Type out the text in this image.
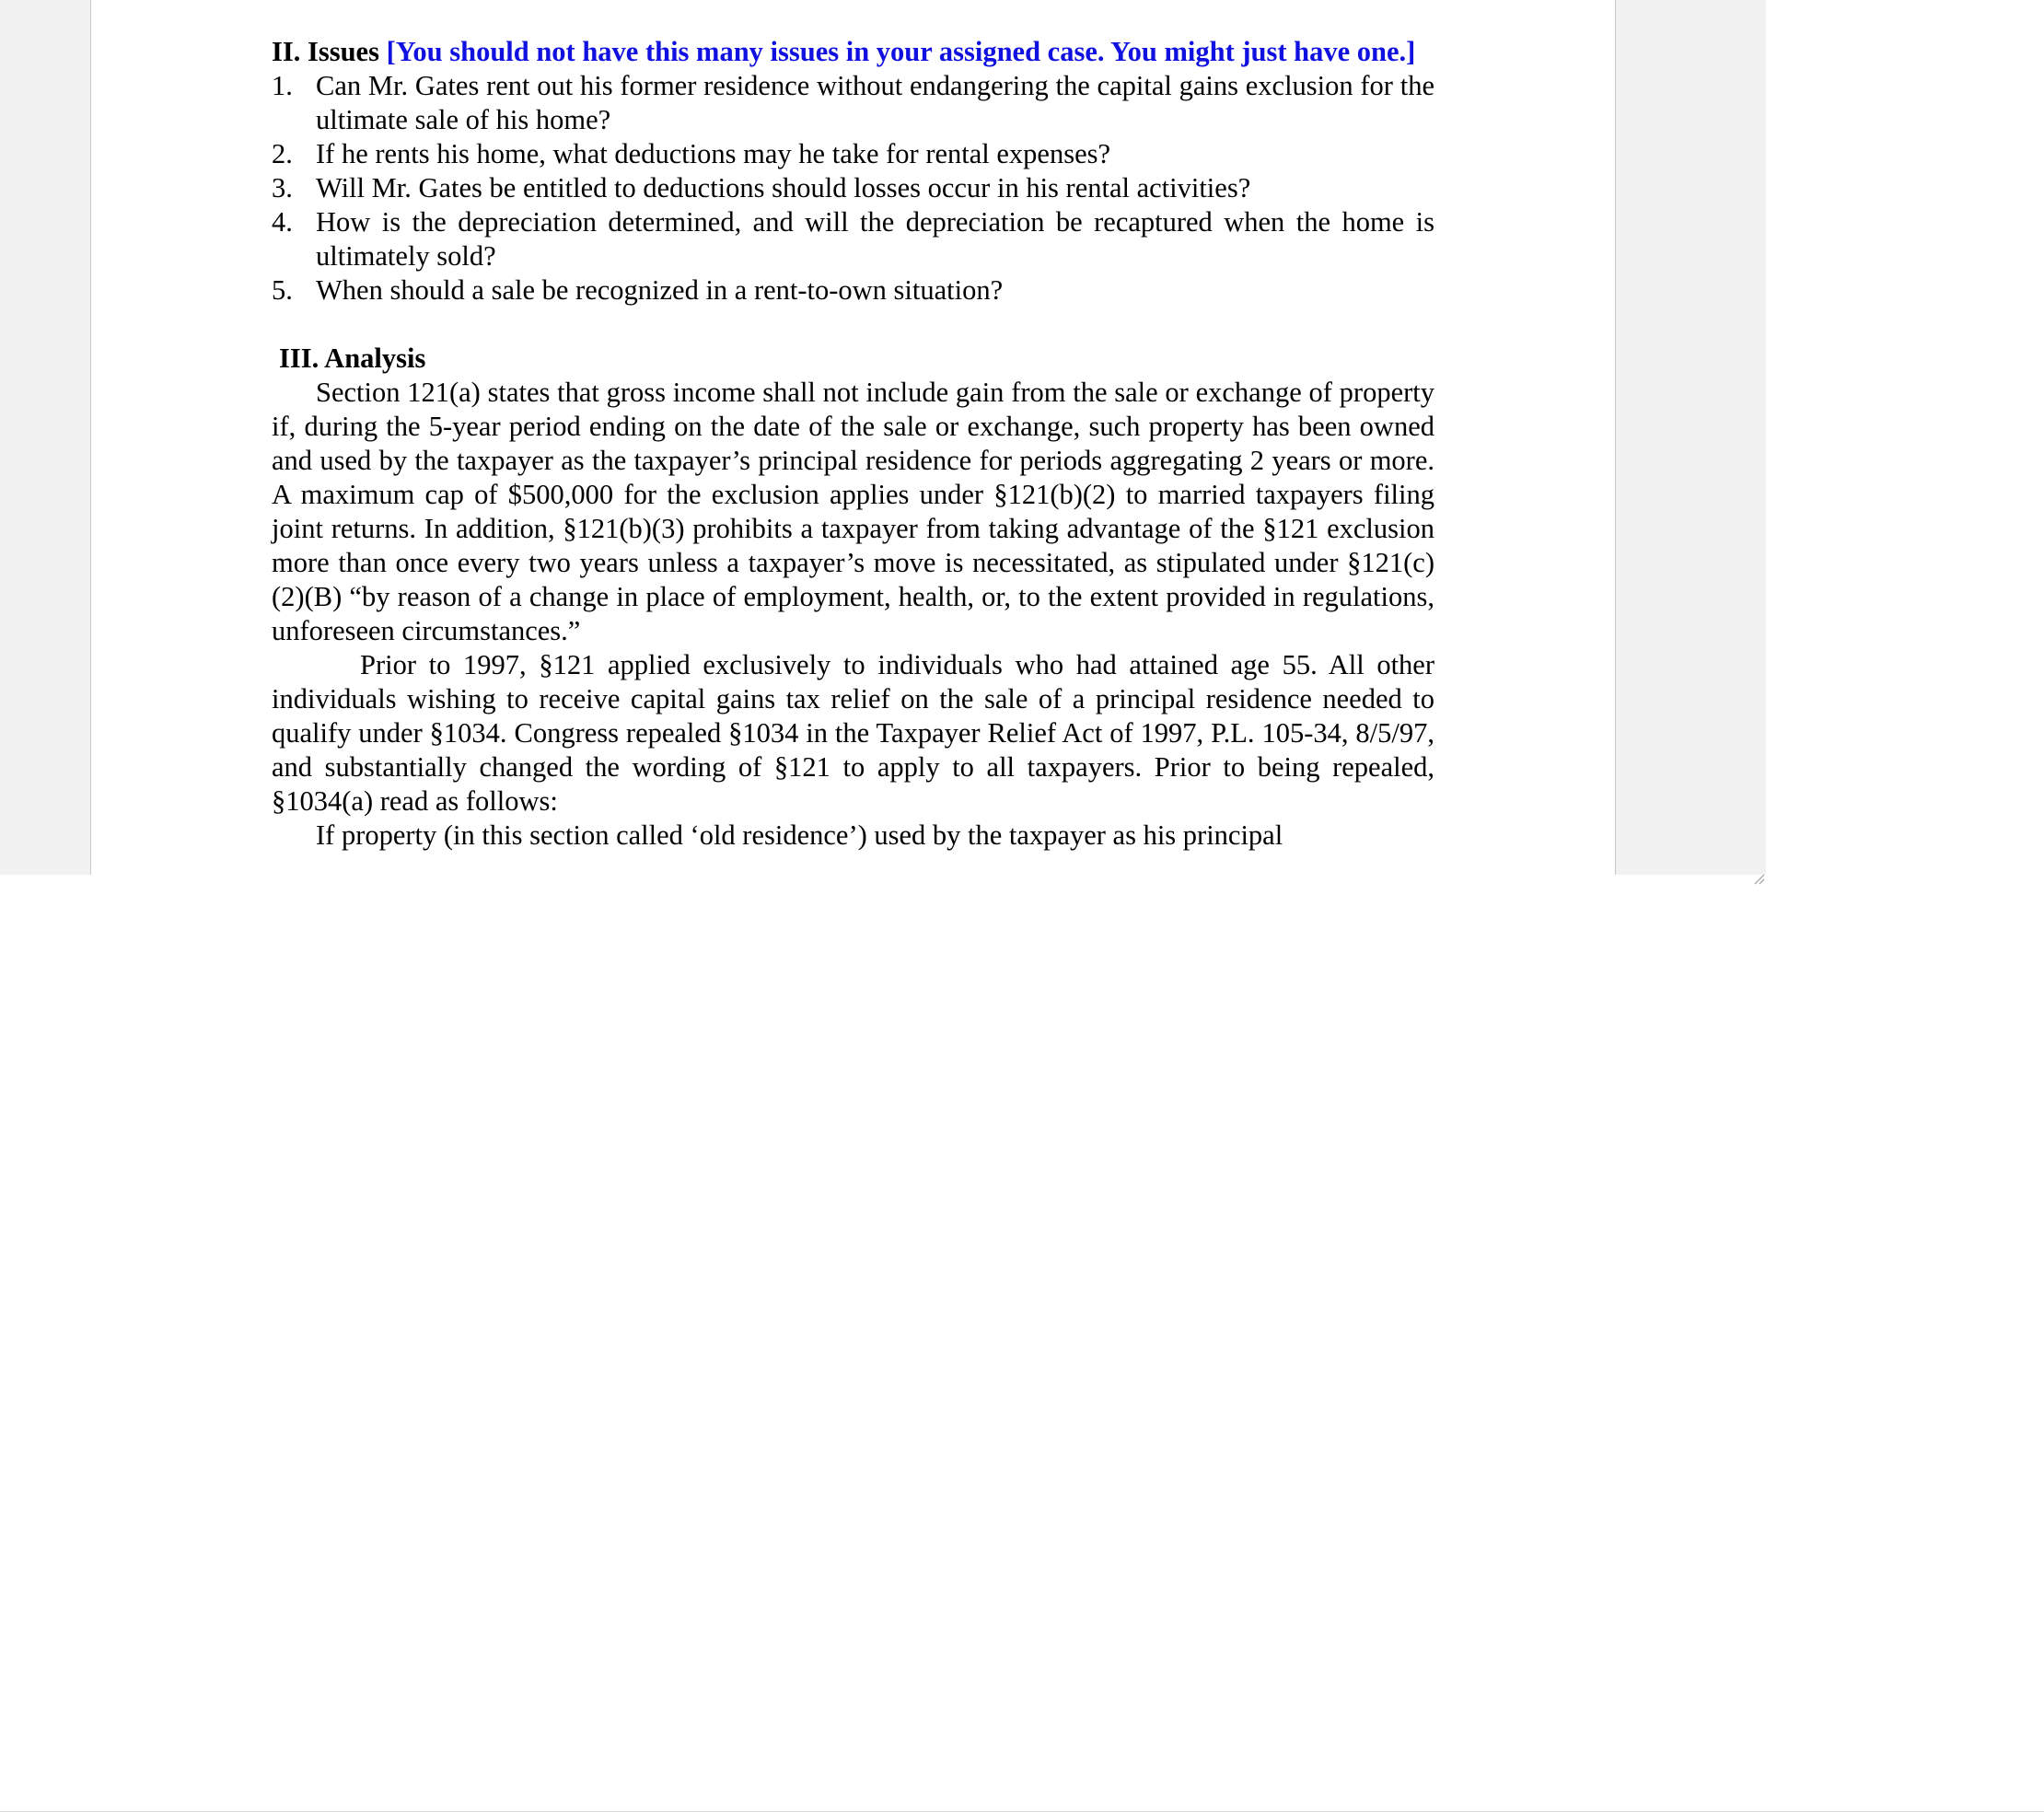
II. Issues [You should not have this many issues in your assigned case. You might just have one.]

1. Can Mr. Gates rent out his former residence without endangering the capital gains exclusion for the ultimate sale of his home?
2. If he rents his home, what deductions may he take for rental expenses?
3. Will Mr. Gates be entitled to deductions should losses occur in his rental activities?
4. How is the depreciation determined, and will the depreciation be recaptured when the home is ultimately sold?
5. When should a sale be recognized in a rent-to-own situation?

III. Analysis

Section 121(a) states that gross income shall not include gain from the sale or exchange of property if, during the 5-year period ending on the date of the sale or exchange, such property has been owned and used by the taxpayer as the taxpayer’s principal residence for periods aggregating 2 years or more. A maximum cap of $500,000 for the exclusion applies under §121(b)(2) to married taxpayers filing joint returns. In addition, §121(b)(3) prohibits a taxpayer from taking advantage of the §121 exclusion more than once every two years unless a taxpayer’s move is necessitated, as stipulated under §121(c)(2)(B) “by reason of a change in place of employment, health, or, to the extent provided in regulations, unforeseen circumstances.”

Prior to 1997, §121 applied exclusively to individuals who had attained age 55. All other individuals wishing to receive capital gains tax relief on the sale of a principal residence needed to qualify under §1034. Congress repealed §1034 in the Taxpayer Relief Act of 1997, P.L. 105-34, 8/5/97, and substantially changed the wording of §121 to apply to all taxpayers. Prior to being repealed, §1034(a) read as follows:

If property (in this section called ‘old residence’) used by the taxpayer as his principal
